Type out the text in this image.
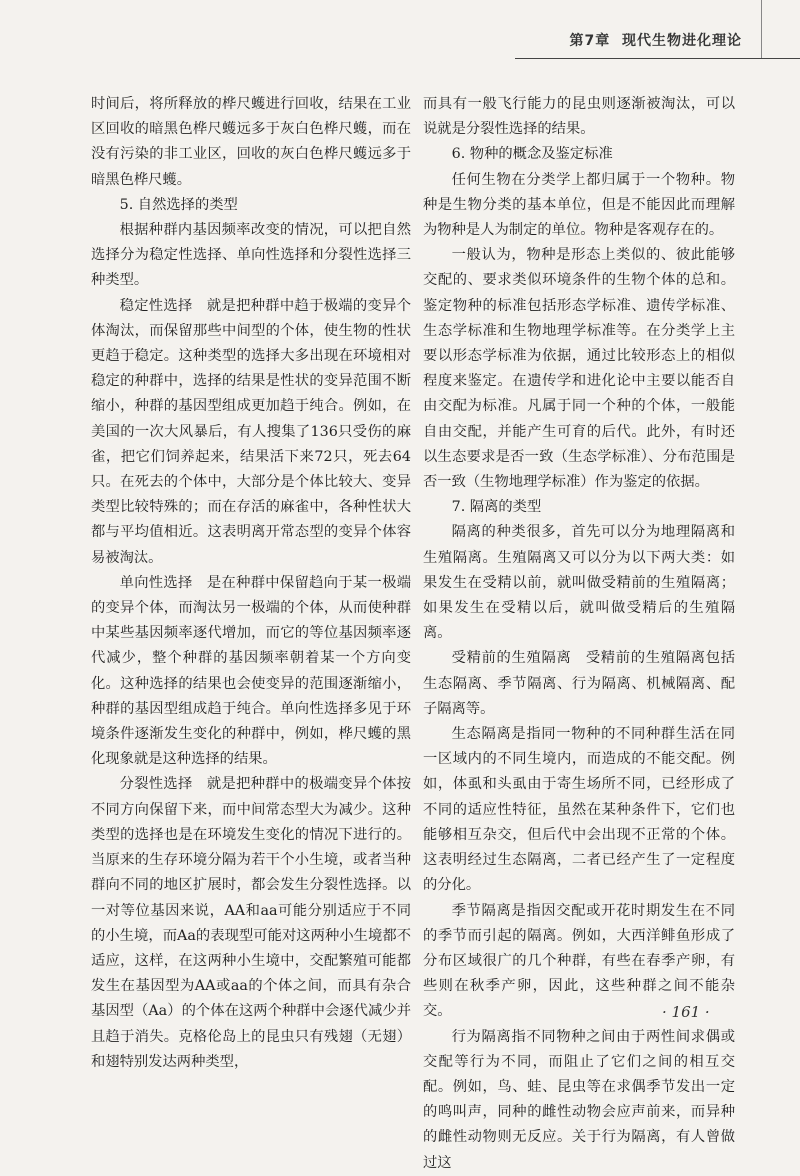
第7章 现代生物进化理论

时间后，将所释放的桦尺蠖进行回收，结果在工业区回收的暗黑色桦尺蠖远多于灰白色桦尺蠖，而在没有污染的非工业区，回收的灰白色桦尺蠖远多于暗黑色桦尺蠖。

5. 自然选择的类型

根据种群内基因频率改变的情况，可以把自然选择分为稳定性选择、单向性选择和分裂性选择三种类型。

稳定性选择 就是把种群中趋于极端的变异个体淘汰，而保留那些中间型的个体，使生物的性状更趋于稳定。这种类型的选择大多出现在环境相对稳定的种群中，选择的结果是性状的变异范围不断缩小，种群的基因型组成更加趋于纯合。例如，在美国的一次大风暴后，有人搜集了136只受伤的麻雀，把它们饲养起来，结果活下来72只，死去64只。在死去的个体中，大部分是个体比较大、变异类型比较特殊的；而在存活的麻雀中，各种性状大都与平均值相近。这表明离开常态型的变异个体容易被淘汰。

单向性选择 是在种群中保留趋向于某一极端的变异个体，而淘汰另一极端的个体，从而使种群中某些基因频率逐代增加，而它的等位基因频率逐代减少，整个种群的基因频率朝着某一个方向变化。这种选择的结果也会使变异的范围逐渐缩小，种群的基因型组成趋于纯合。单向性选择多见于环境条件逐渐发生变化的种群中，例如，桦尺蠖的黑化现象就是这种选择的结果。

分裂性选择 就是把种群中的极端变异个体按不同方向保留下来，而中间常态型大为减少。这种类型的选择也是在环境发生变化的情况下进行的。当原来的生存环境分隔为若干个小生境，或者当种群向不同的地区扩展时，都会发生分裂性选择。以一对等位基因来说，AA和aa可能分别适应于不同的小生境，而Aa的表现型可能对这两种小生境都不适应，这样，在这两种小生境中，交配繁殖可能都发生在基因型为AA或aa的个体之间，而具有杂合基因型（Aa）的个体在这两个种群中会逐代减少并且趋于消失。克格伦岛上的昆虫只有残翅（无翅）和翅特别发达两种类型，

而具有一般飞行能力的昆虫则逐渐被淘汰，可以说就是分裂性选择的结果。

6. 物种的概念及鉴定标准

任何生物在分类学上都归属于一个物种。物种是生物分类的基本单位，但是不能因此而理解为物种是人为制定的单位。物种是客观存在的。

一般认为，物种是形态上类似的、彼此能够交配的、要求类似环境条件的生物个体的总和。鉴定物种的标准包括形态学标准、遗传学标准、生态学标准和生物地理学标准等。在分类学上主要以形态学标准为依据，通过比较形态上的相似程度来鉴定。在遗传学和进化论中主要以能否自由交配为标准。凡属于同一个种的个体，一般能自由交配，并能产生可育的后代。此外，有时还以生态要求是否一致（生态学标准）、分布范围是否一致（生物地理学标准）作为鉴定的依据。

7. 隔离的类型

隔离的种类很多，首先可以分为地理隔离和生殖隔离。生殖隔离又可以分为以下两大类：如果发生在受精以前，就叫做受精前的生殖隔离；如果发生在受精以后，就叫做受精后的生殖隔离。

受精前的生殖隔离 受精前的生殖隔离包括生态隔离、季节隔离、行为隔离、机械隔离、配子隔离等。

生态隔离是指同一物种的不同种群生活在同一区域内的不同生境内，而造成的不能交配。例如，体虱和头虱由于寄生场所不同，已经形成了不同的适应性特征，虽然在某种条件下，它们也能够相互杂交，但后代中会出现不正常的个体。这表明经过生态隔离，二者已经产生了一定程度的分化。

季节隔离是指因交配或开花时期发生在不同的季节而引起的隔离。例如，大西洋鲱鱼形成了分布区域很广的几个种群，有些在春季产卵，有些则在秋季产卵，因此，这些种群之间不能杂交。

行为隔离指不同物种之间由于两性间求偶或交配等行为不同，而阻止了它们之间的相互交配。例如，鸟、蛙、昆虫等在求偶季节发出一定的鸣叫声，同种的雌性动物会应声前来，而异种的雌性动物则无反应。关于行为隔离，有人曾做过这

· 161 ·
